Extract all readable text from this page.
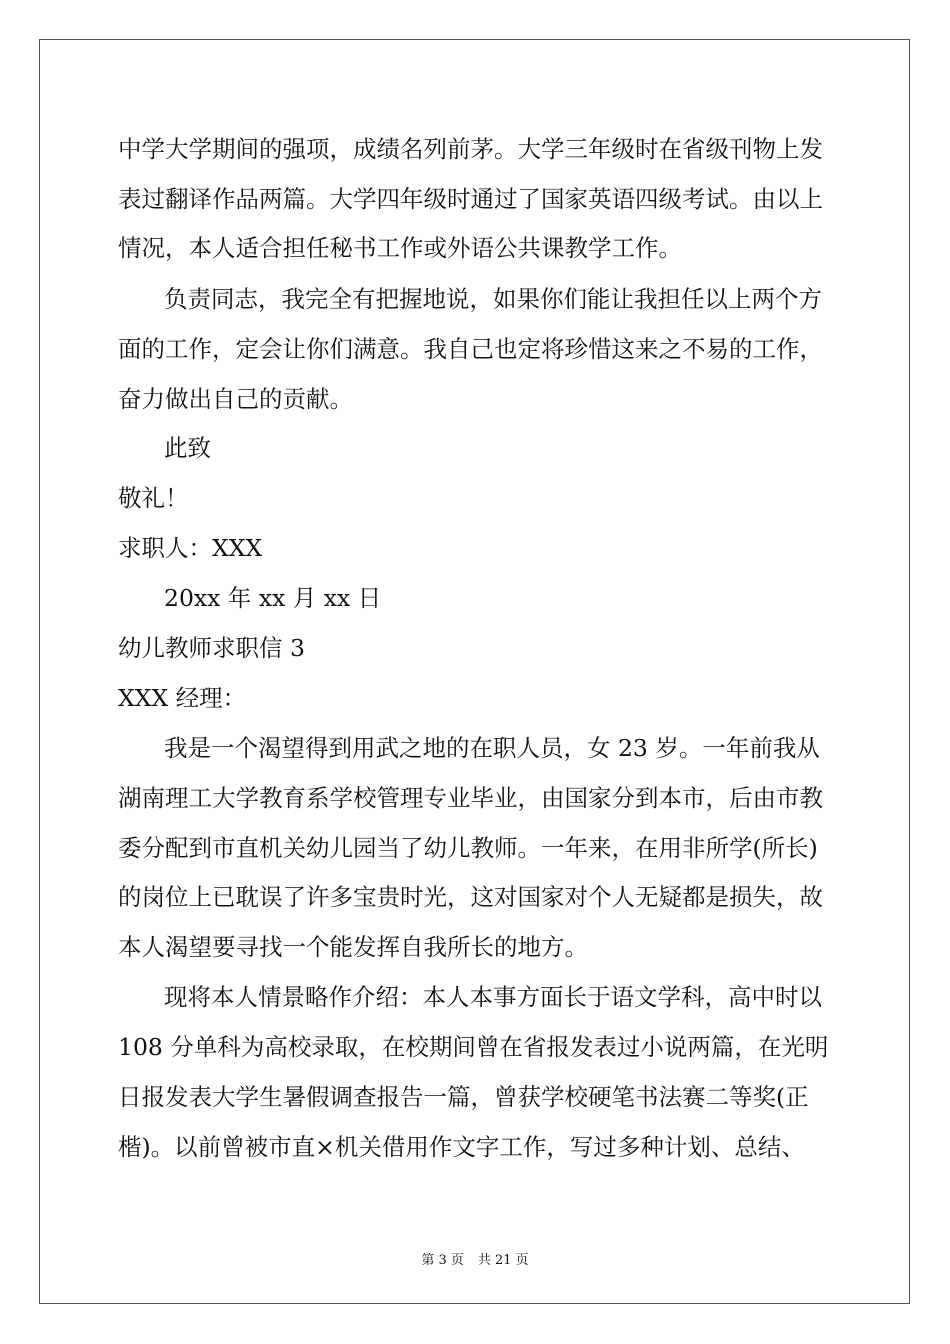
中学大学期间的强项，成绩名列前茅。大学三年级时在省级刊物上发
表过翻译作品两篇。大学四年级时通过了国家英语四级考试。由以上
情况，本人适合担任秘书工作或外语公共课教学工作。
负责同志，我完全有把握地说，如果你们能让我担任以上两个方
面的工作，定会让你们满意。我自己也定将珍惜这来之不易的工作，
奋力做出自己的贡献。
此致
敬礼！
求职人：XXX
20xx 年 xx 月 xx 日
幼儿教师求职信 3
XXX 经理：
我是一个渴望得到用武之地的在职人员，女 23 岁。一年前我从
湖南理工大学教育系学校管理专业毕业，由国家分到本市，后由市教
委分配到市直机关幼儿园当了幼儿教师。一年来，在用非所学(所长)
的岗位上已耽误了许多宝贵时光，这对国家对个人无疑都是损失，故
本人渴望要寻找一个能发挥自我所长的地方。
现将本人情景略作介绍：本人本事方面长于语文学科，高中时以
108 分单科为高校录取，在校期间曾在省报发表过小说两篇，在光明
日报发表大学生暑假调查报告一篇，曾获学校硬笔书法赛二等奖(正
楷)。以前曾被市直×机关借用作文字工作，写过多种计划、总结、
第 3 页 共 21 页
